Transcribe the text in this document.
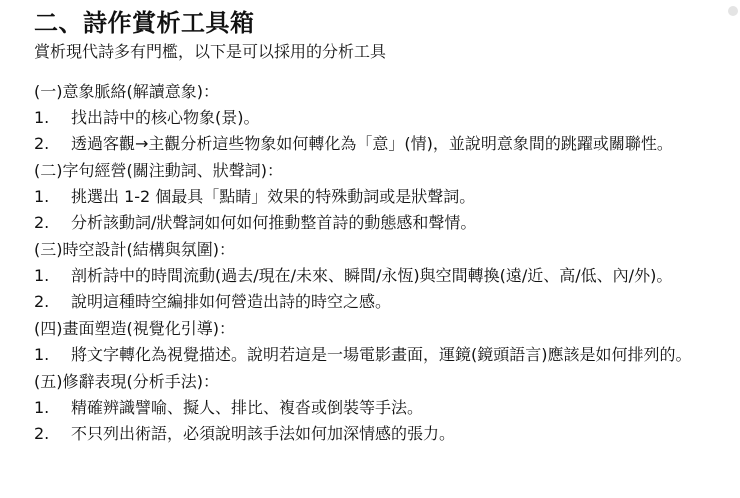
二、詩作賞析工具箱

賞析現代詩多有門檻，以下是可以採用的分析工具

(一)意象脈絡(解讀意象)：
1. 找出詩中的核心物象(景)。
2. 透過客觀→主觀分析這些物象如何轉化為「意」(情)，並說明意象間的跳躍或關聯性。
(二)字句經營(關注動詞、狀聲詞)：
1. 挑選出 1-2 個最具「點睛」效果的特殊動詞或是狀聲詞。
2. 分析該動詞/狀聲詞如何如何推動整首詩的動態感和聲情。
(三)時空設計(結構與氛圍)：
1. 剖析詩中的時間流動(過去/現在/未來、瞬間/永恆)與空間轉換(遠/近、高/低、內/外)。
2. 說明這種時空編排如何營造出詩的時空之感。
(四)畫面塑造(視覺化引導)：
1. 將文字轉化為視覺描述。說明若這是一場電影畫面，運鏡(鏡頭語言)應該是如何排列的。
(五)修辭表現(分析手法)：
1. 精確辨識譬喻、擬人、排比、複沓或倒裝等手法。
2. 不只列出術語，必須說明該手法如何加深情感的張力。
